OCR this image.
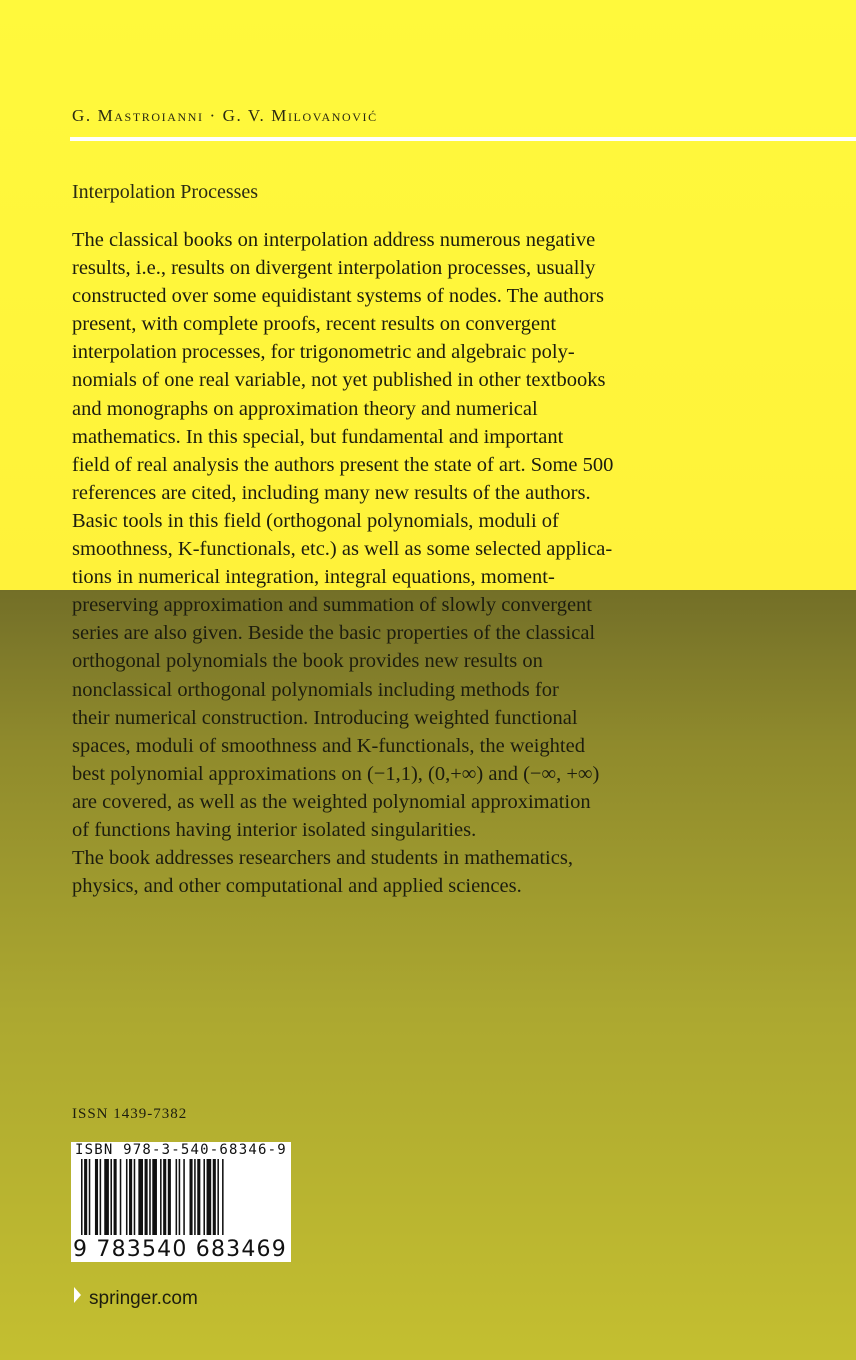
G. Mastroianni · G. V. Milovanović
Interpolation Processes
The classical books on interpolation address numerous negative
results, i.e., results on divergent interpolation processes, usually
constructed over some equidistant systems of nodes. The authors
present, with complete proofs, recent results on convergent
interpolation processes, for trigonometric and algebraic poly-
nomials of one real variable, not yet published in other textbooks
and monographs on approximation theory and numerical
mathematics. In this special, but fundamental and important
field of real analysis the authors present the state of art. Some 500
references are cited, including many new results of the authors.
Basic tools in this field (orthogonal polynomials, moduli of
smoothness, K-functionals, etc.) as well as some selected applica-
tions in numerical integration, integral equations, moment-
preserving approximation and summation of slowly convergent
series are also given. Beside the basic properties of the classical
orthogonal polynomials the book provides new results on
nonclassical orthogonal polynomials including methods for
their numerical construction. Introducing weighted functional
spaces, moduli of smoothness and K-functionals, the weighted
best polynomial approximations on (−1,1), (0,+∞) and (−∞, +∞)
are covered, as well as the weighted polynomial approximation
of functions having interior isolated singularities.
The book addresses researchers and students in mathematics,
physics, and other computational and applied sciences.
ISSN 1439-7382
ISBN 978-3-540-68346-9
9 783540 683469
springer.com
